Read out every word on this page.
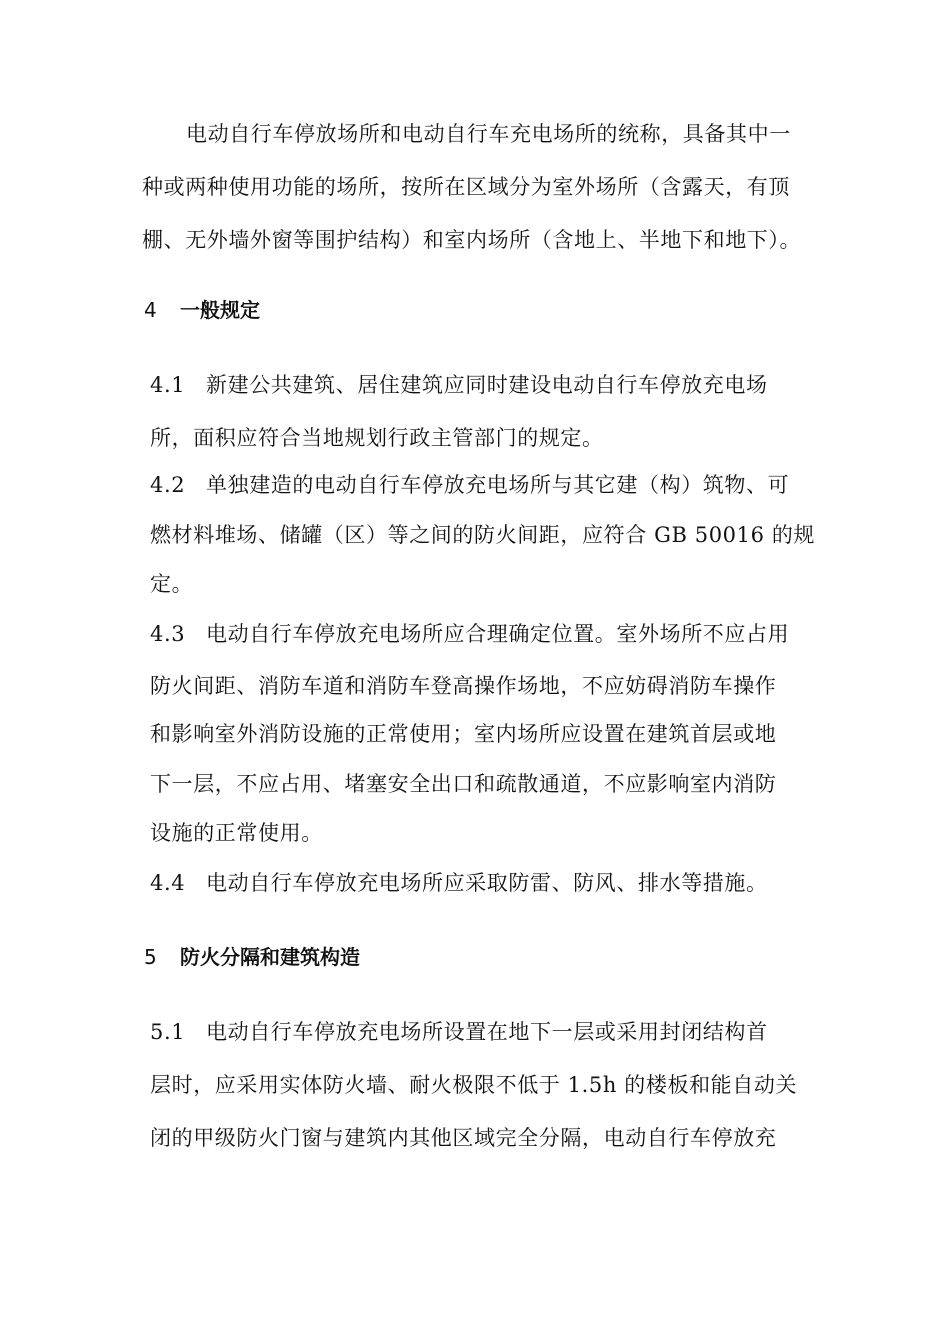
电动自行车停放场所和电动自行车充电场所的统称，具备其中一
种或两种使用功能的场所，按所在区域分为室外场所（含露天，有顶
棚、无外墙外窗等围护结构）和室内场所（含地上、半地下和地下）。
4 一般规定
4.1 新建公共建筑、居住建筑应同时建设电动自行车停放充电场
所，面积应符合当地规划行政主管部门的规定。
4.2 单独建造的电动自行车停放充电场所与其它建（构）筑物、可
燃材料堆场、储罐（区）等之间的防火间距，应符合 GB 50016 的规
定。
4.3 电动自行车停放充电场所应合理确定位置。室外场所不应占用
防火间距、消防车道和消防车登高操作场地，不应妨碍消防车操作
和影响室外消防设施的正常使用；室内场所应设置在建筑首层或地
下一层，不应占用、堵塞安全出口和疏散通道，不应影响室内消防
设施的正常使用。
4.4 电动自行车停放充电场所应采取防雷、防风、排水等措施。
5 防火分隔和建筑构造
5.1 电动自行车停放充电场所设置在地下一层或采用封闭结构首
层时，应采用实体防火墙、耐火极限不低于 1.5h 的楼板和能自动关
闭的甲级防火门窗与建筑内其他区域完全分隔，电动自行车停放充
